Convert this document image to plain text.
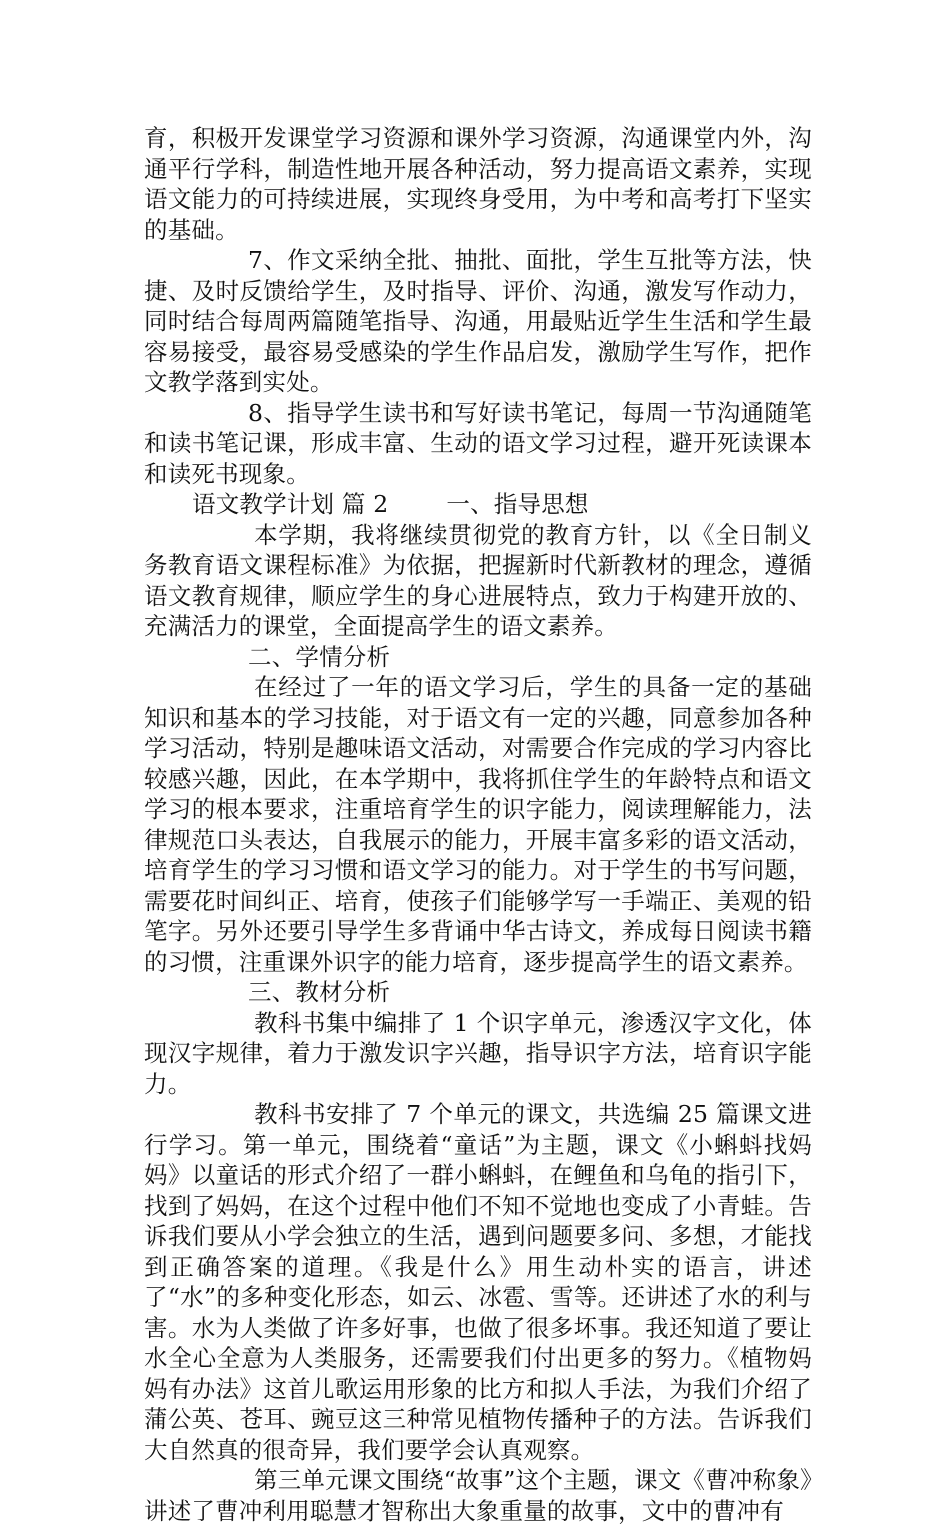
育，积极开发课堂学习资源和课外学习资源，沟通课堂内外，沟通平行学科，制造性地开展各种活动，努力提高语文素养，实现语文能力的可持续进展，实现终身受用，为中考和高考打下坚实的基础。

7、作文采纳全批、抽批、面批，学生互批等方法，快捷、及时反馈给学生，及时指导、评价、沟通，激发写作动力，同时结合每周两篇随笔指导、沟通，用最贴近学生生活和学生最容易接受，最容易受感染的学生作品启发，激励学生写作，把作文教学落到实处。

8、指导学生读书和写好读书笔记，每周一节沟通随笔和读书笔记课，形成丰富、生动的语文学习过程，避开死读课本和读死书现象。

语文教学计划 篇 2 一、指导思想

本学期，我将继续贯彻党的教育方针，以《全日制义务教育语文课程标准》为依据，把握新时代新教材的理念，遵循语文教育规律，顺应学生的身心进展特点，致力于构建开放的、充满活力的课堂，全面提高学生的语文素养。

二、学情分析

在经过了一年的语文学习后，学生的具备一定的基础知识和基本的学习技能，对于语文有一定的兴趣，同意参加各种学习活动，特别是趣味语文活动，对需要合作完成的学习内容比较感兴趣，因此，在本学期中，我将抓住学生的年龄特点和语文学习的根本要求，注重培育学生的识字能力，阅读理解能力，法律规范口头表达，自我展示的能力，开展丰富多彩的语文活动，培育学生的学习习惯和语文学习的能力。对于学生的书写问题，需要花时间纠正、培育，使孩子们能够学写一手端正、美观的铅笔字。另外还要引导学生多背诵中华古诗文，养成每日阅读书籍的习惯，注重课外识字的能力培育，逐步提高学生的语文素养。

三、教材分析

教科书集中编排了 1 个识字单元，渗透汉字文化，体现汉字规律，着力于激发识字兴趣，指导识字方法，培育识字能力。

教科书安排了 7 个单元的课文，共选编 25 篇课文进行学习。第一单元，围绕着“童话”为主题，课文《小蝌蚪找妈妈》以童话的形式介绍了一群小蝌蚪，在鲤鱼和乌龟的指引下，找到了妈妈，在这个过程中他们不知不觉地也变成了小青蛙。告诉我们要从小学会独立的生活，遇到问题要多问、多想，才能找到正确答案的道理。《我是什么》用生动朴实的语言，讲述了“水”的多种变化形态，如云、冰雹、雪等。还讲述了水的利与害。水为人类做了许多好事，也做了很多坏事。我还知道了要让水全心全意为人类服务，还需要我们付出更多的努力。《植物妈妈有办法》这首儿歌运用形象的比方和拟人手法，为我们介绍了蒲公英、苍耳、豌豆这三种常见植物传播种子的方法。告诉我们大自然真的很奇异，我们要学会认真观察。

第三单元课文围绕“故事”这个主题，课文《曹冲称象》讲述了曹冲利用聪慧才智称出大象重量的故事，文中的曹冲有
